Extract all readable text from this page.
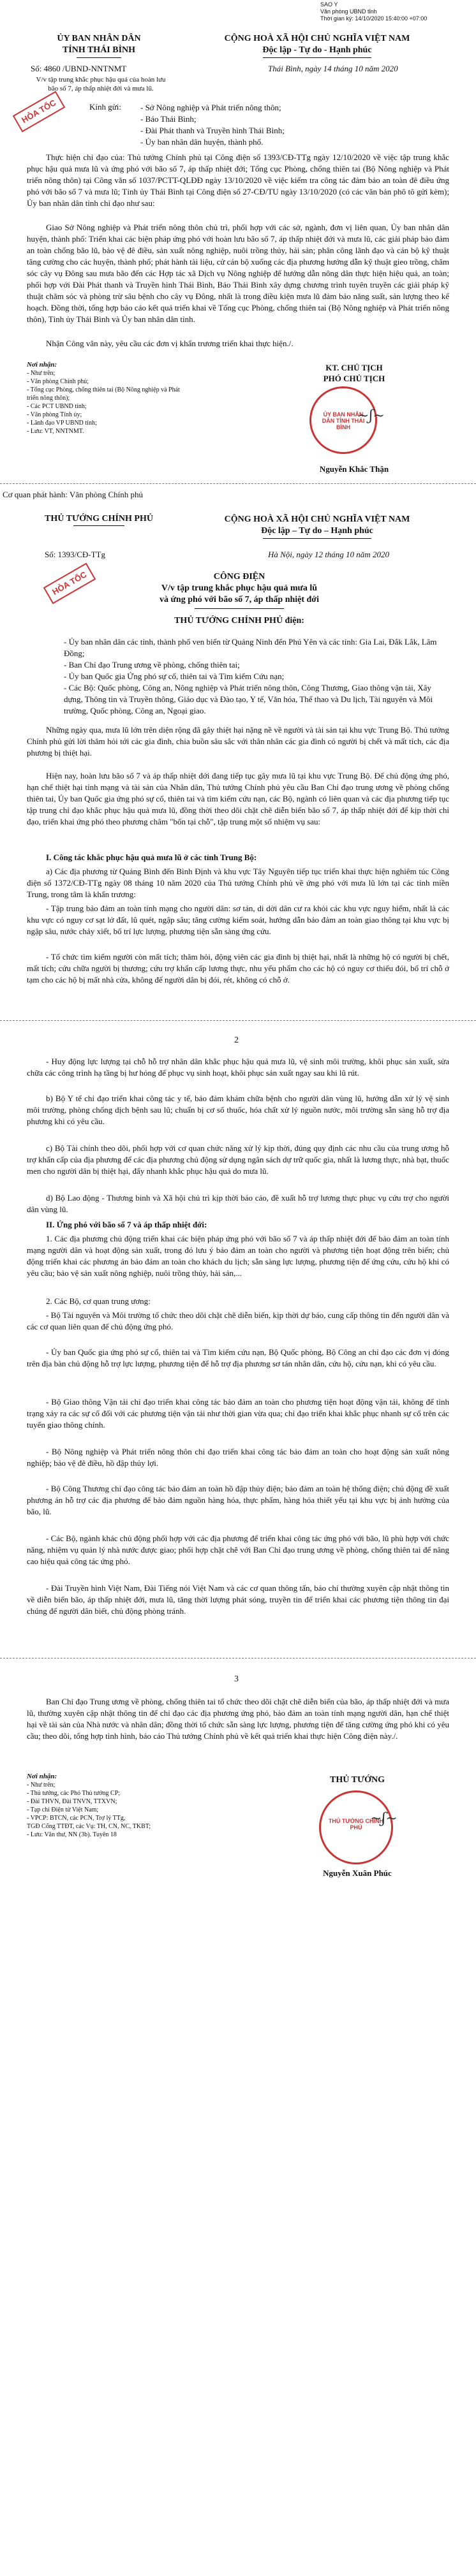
SAO Y
Văn phòng UBND tỉnh
Thời gian ký: 14/10/2020 15:40:00 +07:00
ỦY BAN NHÂN DÂN
TỈNH THÁI BÌNH
CỘNG HOÀ XÃ HỘI CHỦ NGHĨA VIỆT NAM
Độc lập - Tự do - Hạnh phúc
Số: 4860 /UBND-NNTNMT
V/v tập trung khắc phục hậu quả của hoàn lưu bão số 7, áp thấp nhiệt đới và mưa lũ.
Thái Bình, ngày 14 tháng 10 năm 2020
HỎA TỐC	Kính gửi: - Sở Nông nghiệp và Phát triển nông thôn;
- Báo Thái Bình;
- Đài Phát thanh và Truyền hình Thái Bình;
- Ủy ban nhân dân huyện, thành phố.

Thực hiện chỉ đạo của: Thủ tướng Chính phủ tại Công điện số 1393/CĐ-TTg ngày 12/10/2020 về việc tập trung khắc phục hậu quả mưa lũ và ứng phó với bão số 7, áp thấp nhiệt đới; Tổng cục Phòng, chống thiên tai (Bộ Nông nghiệp và Phát triển nông thôn) tại Công văn số 1037/PCTT-QLĐĐ ngày 13/10/2020 về việc kiểm tra công tác đảm bảo an toàn đê điều ứng phó với bão số 7 và mưa lũ; Tỉnh ủy Thái Bình tại Công điện số 27-CĐ/TU ngày 13/10/2020 (có các văn bản phô tô gửi kèm); Ủy ban nhân dân tỉnh chỉ đạo như sau:

Giao Sở Nông nghiệp và Phát triển nông thôn chủ trì, phối hợp với các sở, ngành, đơn vị liên quan, Ủy ban nhân dân huyện, thành phố: Triển khai các biện pháp ứng phó với hoàn lưu bão số 7, áp thấp nhiệt đới và mưa lũ, các giải pháp bảo đảm an toàn chống bão lũ, bảo vệ đê điều, sản xuất nông nghiệp, nuôi trồng thủy, hải sản; phân công lãnh đạo và cán bộ kỹ thuật tăng cường cho các huyện, thành phố; phát hành tài liệu, cử cán bộ xuống các địa phương hướng dẫn kỹ thuật gieo trồng, chăm sóc cây vụ Đông sau mưa bão đến các Hợp tác xã Dịch vụ Nông nghiệp để hướng dẫn nông dân thực hiện hiệu quả, an toàn; phối hợp với Đài Phát thanh và Truyền hình Thái Bình, Báo Thái Bình xây dựng chương trình tuyên truyền các giải pháp kỹ thuật chăm sóc và phòng trừ sâu bệnh cho cây vụ Đông, nhất là trong điều kiện mưa lũ đảm bảo năng suất, sản lượng theo kế hoạch. Đồng thời, tổng hợp báo cáo kết quả triển khai về Tổng cục Phòng, chống thiên tai (Bộ Nông nghiệp và Phát triển nông thôn), Tỉnh ủy Thái Bình và Ủy ban nhân dân tỉnh.

Nhận Công văn này, yêu cầu các đơn vị khẩn trương triển khai thực hiện./.

Nơi nhận:
- Như trên;
- Văn phòng Chính phủ;
- Tổng cục Phòng, chống thiên tai (Bộ Nông nghiệp và Phát triển nông thôn);
- Các PCT UBND tỉnh;
- Văn phòng Tỉnh ủy;
- Lãnh đạo VP UBND tỉnh;
- Lưu: VT, NNTNMT.
KT. CHỦ TỊCH
PHÓ CHỦ TỊCH
ỦY BAN NHÂN DÂN TỈNH THÁI BÌNH
~ʃ~
Nguyễn Khắc Thận
Cơ quan phát hành: Văn phòng Chính phủ
THỦ TƯỚNG CHÍNH PHỦ	CỘNG HOÀ XÃ HỘI CHỦ NGHĨA VIỆT NAM
Độc lập – Tự do – Hạnh phúc
Số: 1393/CĐ-TTg	Hà Nội, ngày 12 tháng 10 năm 2020
HỎA TỐC	CÔNG ĐIỆN
V/v tập trung khắc phục hậu quả mưa lũ
và ứng phó với bão số 7, áp thấp nhiệt đới
THỦ TƯỚNG CHÍNH PHỦ điện:
- Ủy ban nhân dân các tỉnh, thành phố ven biển từ Quảng Ninh đến Phú Yên và các tỉnh: Gia Lai, Đắk Lắk, Lâm Đồng;
- Ban Chỉ đạo Trung ương về phòng, chống thiên tai;
- Ủy ban Quốc gia Ứng phó sự cố, thiên tai và Tìm kiếm Cứu nạn;
- Các Bộ: Quốc phòng, Công an, Nông nghiệp và Phát triển nông thôn, Công Thương, Giao thông vận tải, Xây dựng, Thông tin và Truyền thông, Giáo dục và Đào tạo, Y tế, Văn hóa, Thể thao và Du lịch, Tài nguyên và Môi trường, Quốc phòng, Công an, Ngoại giao.

Những ngày qua, mưa lũ lớn trên diện rộng đã gây thiệt hại nặng nề về người và tài sản tại khu vực Trung Bộ. Thủ tướng Chính phủ gửi lời thăm hỏi tới các gia đình, chia buồn sâu sắc với thân nhân các gia đình có người bị chết và mất tích, các địa phương bị thiệt hại.

Hiện nay, hoàn lưu bão số 7 và áp thấp nhiệt đới đang tiếp tục gây mưa lũ tại khu vực Trung Bộ. Để chủ động ứng phó, hạn chế thiệt hại tính mạng và tài sản của Nhân dân, Thủ tướng Chính phủ yêu cầu Ban Chỉ đạo trung ương về phòng chống thiên tai, Ủy ban Quốc gia ứng phó sự cố, thiên tai và tìm kiếm cứu nạn, các Bộ, ngành có liên quan và các địa phương tiếp tục tập trung chỉ đạo khắc phục hậu quả mưa lũ, đồng thời theo dõi chặt chẽ diễn biến bão số 7, áp thấp nhiệt đới để kịp thời chỉ đạo, triển khai ứng phó theo phương châm "bốn tại chỗ", tập trung một số nhiệm vụ sau:

I. Công tác khắc phục hậu quả mưa lũ ở các tỉnh Trung Bộ:

a) Các địa phương từ Quảng Bình đến Bình Định và khu vực Tây Nguyên tiếp tục triển khai thực hiện nghiêm túc Công điện số 1372/CĐ-TTg ngày 08 tháng 10 năm 2020 của Thủ tướng Chính phủ về ứng phó với mưa lũ lớn tại các tỉnh miền Trung, trong tâm là khẩn trương:

- Tập trung bảo đảm an toàn tính mạng cho người dân: sơ tán, di dời dân cư ra khỏi các khu vực nguy hiểm, nhất là các khu vực có nguy cơ sạt lở đất, lũ quét, ngập sâu; tăng cường kiểm soát, hướng dẫn bảo đảm an toàn giao thông tại khu vực bị ngập sâu, nước chảy xiết, bố trí lực lượng, phương tiện sẵn sàng ứng cứu.

- Tổ chức tìm kiếm người còn mất tích; thăm hỏi, động viên các gia đình bị thiệt hại, nhất là những hộ có người bị chết, mất tích; cứu chữa người bị thương; cứu trợ khẩn cấp lương thực, nhu yếu phẩm cho các hộ có nguy cơ thiếu đói, bố trí chỗ ở tạm cho các hộ bị mất nhà cửa, không để người dân bị đói, rét, không có chỗ ở.

2

- Huy động lực lượng tại chỗ hỗ trợ nhân dân khắc phục hậu quả mưa lũ, vệ sinh môi trường, khôi phục sản xuất, sửa chữa các công trình hạ tầng bị hư hỏng để phục vụ sinh hoạt, khôi phục sản xuất ngay sau khi lũ rút.

b) Bộ Y tế chỉ đạo triển khai công tác y tế, bảo đảm khám chữa bệnh cho người dân vùng lũ, hướng dẫn xử lý vệ sinh môi trường, phòng chống dịch bệnh sau lũ; chuẩn bị cơ số thuốc, hóa chất xử lý nguồn nước, môi trường sẵn sàng hỗ trợ địa phương khi có yêu cầu.

c) Bộ Tài chính theo dõi, phối hợp với cơ quan chức năng xử lý kịp thời, đúng quy định các nhu cầu của trung ương hỗ trợ khẩn cấp của địa phương để các địa phương chủ động sử dụng ngân sách dự trữ quốc gia, nhất là lương thực, nhà bạt, thuốc men cho người dân bị thiệt hại, đẩy nhanh khắc phục hậu quả do mưa lũ.

d) Bộ Lao động - Thương binh và Xã hội chủ trì kịp thời báo cáo, đề xuất hỗ trợ lương thực phục vụ cứu trợ cho người dân vùng lũ.

II. Ứng phó với bão số 7 và áp thấp nhiệt đới:

1. Các địa phương chủ động triển khai các biện pháp ứng phó với bão số 7 và áp thấp nhiệt đới để bảo đảm an toàn tính mạng người dân và hoạt động sản xuất, trong đó lưu ý bảo đảm an toàn cho người và phương tiện hoạt động trên biển; chủ động triển khai các phương án bảo đảm an toàn cho khách du lịch; sẵn sàng lực lượng, phương tiện để ứng cứu, cứu hộ khi có yêu cầu; bảo vệ sản xuất nông nghiệp, nuôi trồng thủy, hải sản,...

2. Các Bộ, cơ quan trung ương:

- Bộ Tài nguyên và Môi trường tổ chức theo dõi chặt chẽ diễn biến, kịp thời dự báo, cung cấp thông tin đến người dân và các cơ quan liên quan để chủ động ứng phó.

- Ủy ban Quốc gia ứng phó sự cố, thiên tai và Tìm kiếm cứu nạn, Bộ Quốc phòng, Bộ Công an chỉ đạo các đơn vị đóng trên địa bàn chủ động hỗ trợ lực lượng, phương tiện để hỗ trợ địa phương sơ tán nhân dân, cứu hộ, cứu nạn, khi có yêu cầu.

- Bộ Giao thông Vận tải chỉ đạo triển khai công tác bảo đảm an toàn cho phương tiện hoạt động vận tải, không để tình trạng xảy ra các sự cố đối với các phương tiện vận tải như thời gian vừa qua; chỉ đạo triển khai khắc phục nhanh sự cố trên các tuyến giao thông chính.

- Bộ Nông nghiệp và Phát triển nông thôn chỉ đạo triển khai công tác bảo đảm an toàn cho hoạt động sản xuất nông nghiệp; bảo vệ đê điều, hồ đập thủy lợi.

- Bộ Công Thương chỉ đạo công tác bảo đảm an toàn hồ đập thủy điện; bảo đảm an toàn hệ thống điện; chủ động đề xuất phương án hỗ trợ các địa phương để bảo đảm nguồn hàng hóa, thực phẩm, hàng hóa thiết yếu tại khu vực bị ảnh hưởng của bão, lũ.

- Các Bộ, ngành khác chủ động phối hợp với các địa phương để triển khai công tác ứng phó với bão, lũ phù hợp với chức năng, nhiệm vụ quản lý nhà nước được giao; phối hợp chặt chẽ với Ban Chỉ đạo trung ương về phòng, chống thiên tai để nâng cao hiệu quả công tác ứng phó.

- Đài Truyền hình Việt Nam, Đài Tiếng nói Việt Nam và các cơ quan thông tấn, báo chí thường xuyên cập nhật thông tin về diễn biến bão, áp thấp nhiệt đới, mưa lũ, tăng thời lượng phát sóng, truyền tin để triển khai các phương tiện thông tin đại chúng để người dân biết, chủ động phòng tránh.

3

Ban Chỉ đạo Trung ương về phòng, chống thiên tai tổ chức theo dõi chặt chẽ diễn biến của bão, áp thấp nhiệt đới và mưa lũ, thường xuyên cập nhật thông tin để chỉ đạo các địa phương ứng phó, bảo đảm an toàn tính mạng người dân, hạn chế thiệt hại về tài sản của Nhà nước và nhân dân; đồng thời tổ chức sẵn sàng lực lượng, phương tiện để tăng cường ứng phó khi có yêu cầu; theo dõi, tổng hợp tình hình, báo cáo Thủ tướng Chính phủ về kết quả triển khai thực hiện Công điện này./.

Nơi nhận:
- Như trên;
- Thủ tướng, các Phó Thủ tướng CP;
- Đài THVN, Đài TNVN, TTXVN;
- Tạp chí Điện tử Việt Nam;
- VPCP: BTCN, các PCN, Trợ lý TTg,
TGĐ Cổng TTĐT, các Vụ: TH, CN, NC, TKBT;
- Lưu: Văn thư, NN (3b). Tuyên 18
THỦ TƯỚNG
THỦ TƯỚNG CHÍNH PHỦ
~ʃ~
Nguyễn Xuân Phúc
